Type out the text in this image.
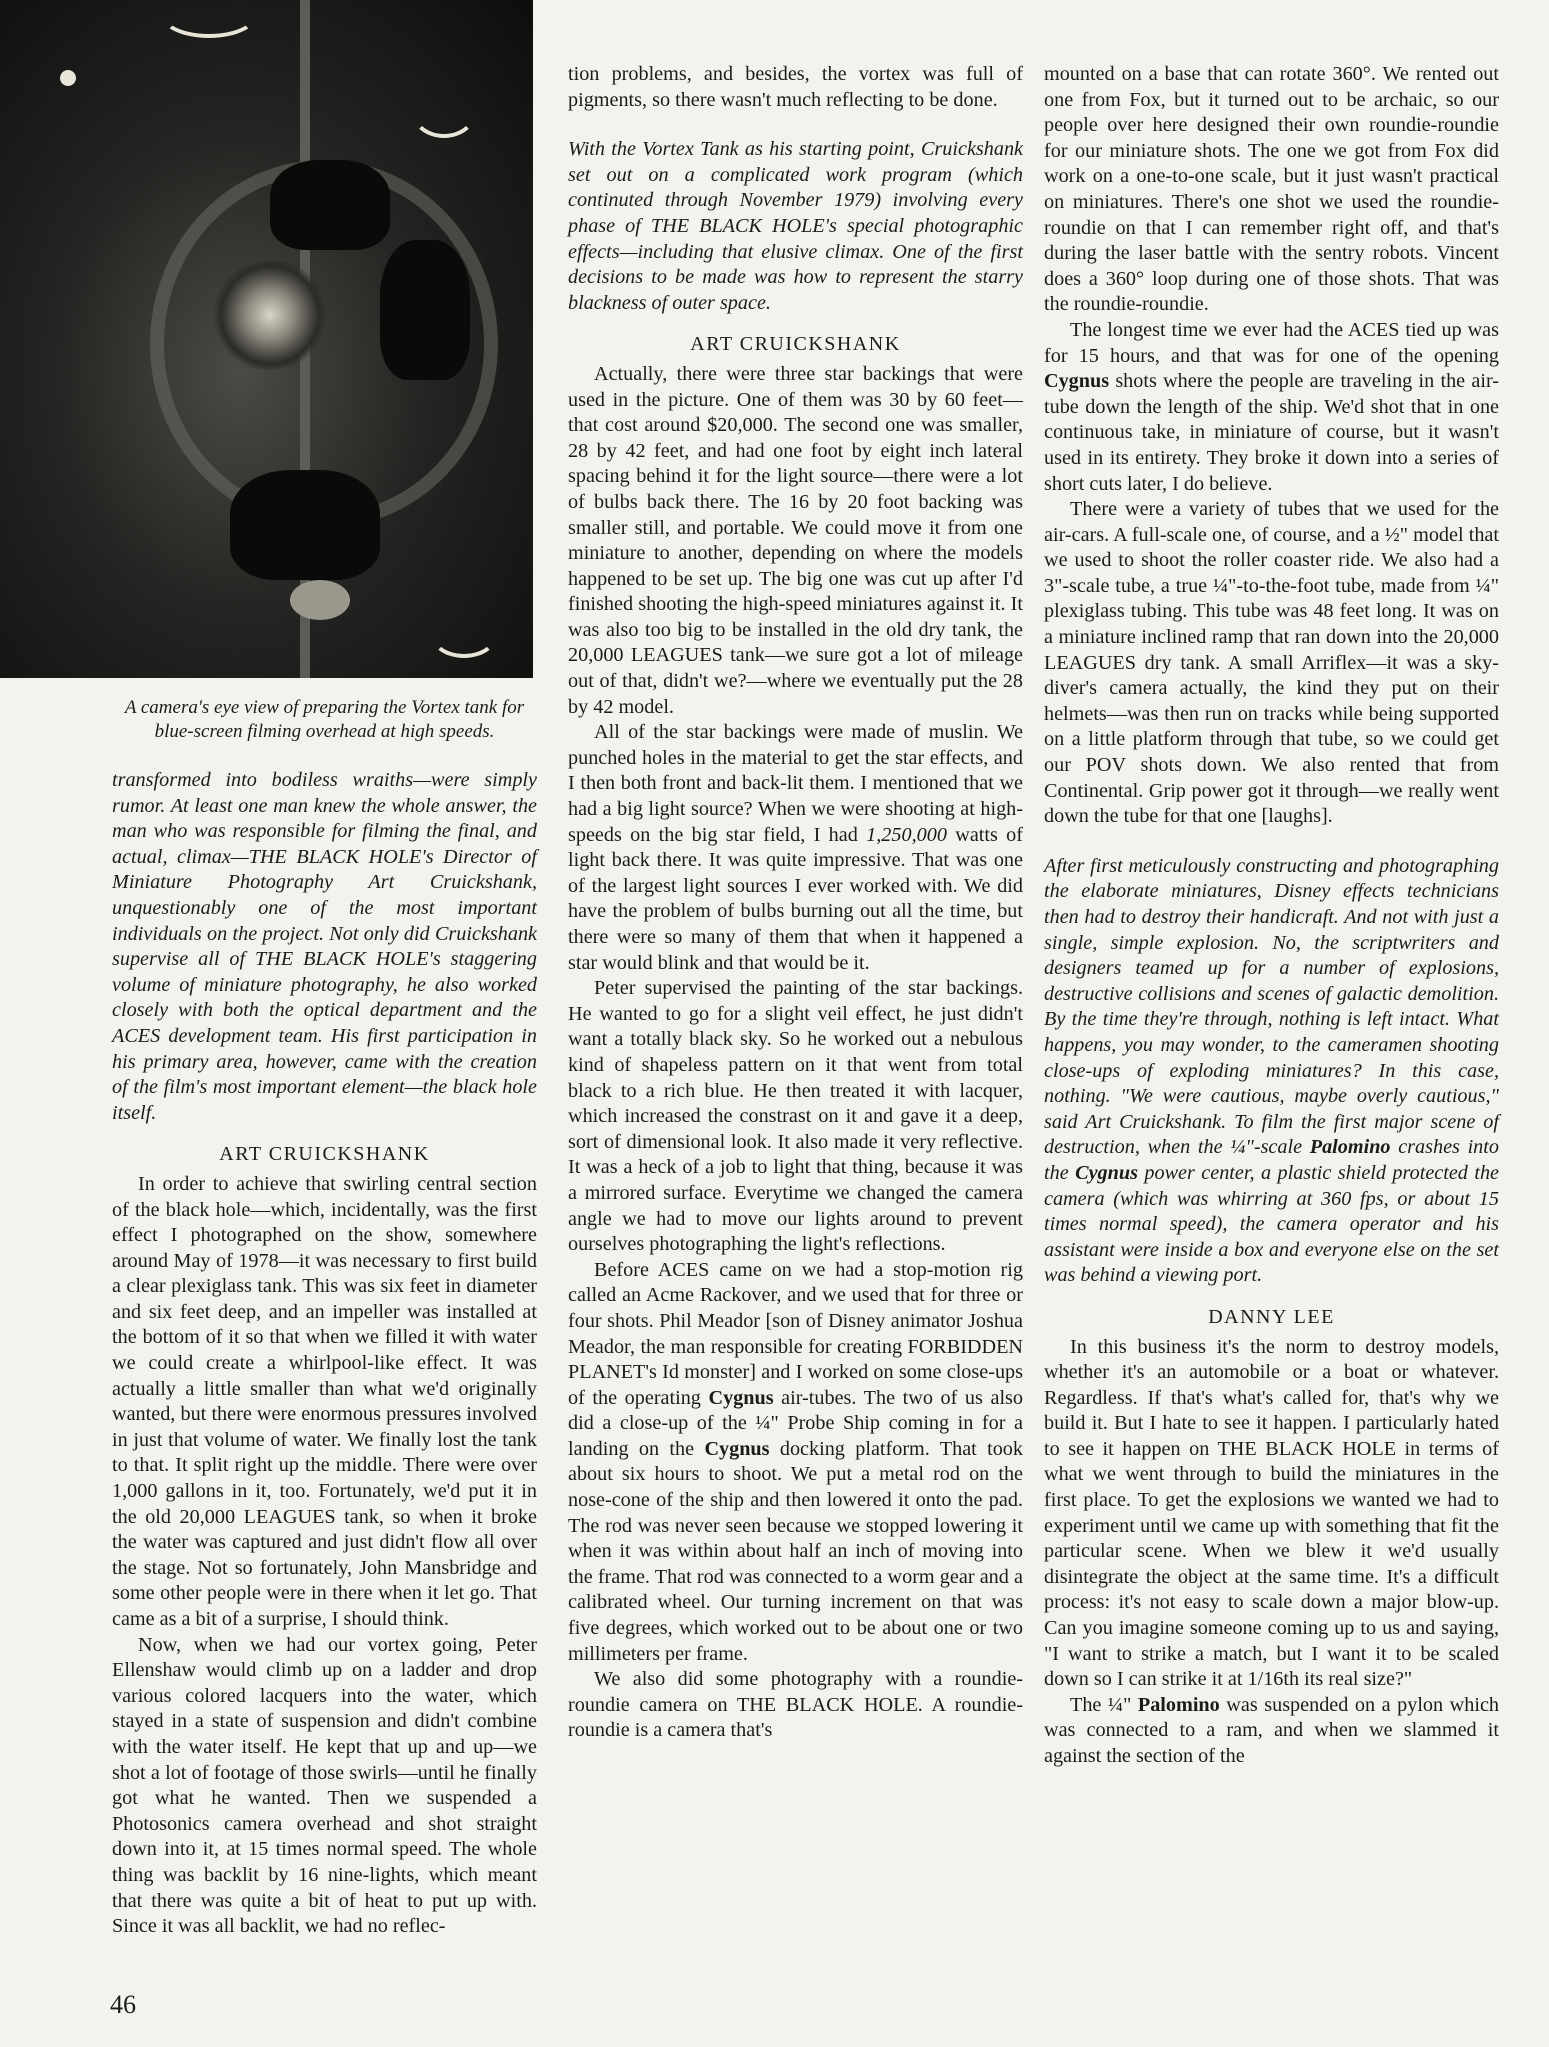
A camera's eye view of preparing the Vortex tank for blue-screen filming overhead at high speeds.

transformed into bodiless wraiths—were simply rumor. At least one man knew the whole answer, the man who was responsible for filming the final, and actual, climax—THE BLACK HOLE's Director of Miniature Photography Art Cruickshank, unquestionably one of the most important individuals on the project. Not only did Cruickshank supervise all of THE BLACK HOLE's staggering volume of miniature photography, he also worked closely with both the optical department and the ACES development team. His first participation in his primary area, however, came with the creation of the film's most important element—the black hole itself.

ART CRUICKSHANK

In order to achieve that swirling central section of the black hole—which, incidentally, was the first effect I photographed on the show, somewhere around May of 1978—it was necessary to first build a clear plexiglass tank. This was six feet in diameter and six feet deep, and an impeller was installed at the bottom of it so that when we filled it with water we could create a whirlpool-like effect. It was actually a little smaller than what we'd originally wanted, but there were enormous pressures involved in just that volume of water. We finally lost the tank to that. It split right up the middle. There were over 1,000 gallons in it, too. Fortunately, we'd put it in the old 20,000 LEAGUES tank, so when it broke the water was captured and just didn't flow all over the stage. Not so fortunately, John Mansbridge and some other people were in there when it let go. That came as a bit of a surprise, I should think.

Now, when we had our vortex going, Peter Ellenshaw would climb up on a ladder and drop various colored lacquers into the water, which stayed in a state of suspension and didn't combine with the water itself. He kept that up and up—we shot a lot of footage of those swirls—until he finally got what he wanted. Then we suspended a Photosonics camera overhead and shot straight down into it, at 15 times normal speed. The whole thing was backlit by 16 nine-lights, which meant that there was quite a bit of heat to put up with. Since it was all backlit, we had no reflec-

tion problems, and besides, the vortex was full of pigments, so there wasn't much reflecting to be done.

With the Vortex Tank as his starting point, Cruickshank set out on a complicated work program (which continuted through November 1979) involving every phase of THE BLACK HOLE's special photographic effects—including that elusive climax. One of the first decisions to be made was how to represent the starry blackness of outer space.

ART CRUICKSHANK

Actually, there were three star backings that were used in the picture. One of them was 30 by 60 feet—that cost around $20,000. The second one was smaller, 28 by 42 feet, and had one foot by eight inch lateral spacing behind it for the light source—there were a lot of bulbs back there. The 16 by 20 foot backing was smaller still, and portable. We could move it from one miniature to another, depending on where the models happened to be set up. The big one was cut up after I'd finished shooting the high-speed miniatures against it. It was also too big to be installed in the old dry tank, the 20,000 LEAGUES tank—we sure got a lot of mileage out of that, didn't we?—where we eventually put the 28 by 42 model.

All of the star backings were made of muslin. We punched holes in the material to get the star effects, and I then both front and back-lit them. I mentioned that we had a big light source? When we were shooting at high-speeds on the big star field, I had 1,250,000 watts of light back there. It was quite impressive. That was one of the largest light sources I ever worked with. We did have the problem of bulbs burning out all the time, but there were so many of them that when it happened a star would blink and that would be it.

Peter supervised the painting of the star backings. He wanted to go for a slight veil effect, he just didn't want a totally black sky. So he worked out a nebulous kind of shapeless pattern on it that went from total black to a rich blue. He then treated it with lacquer, which increased the constrast on it and gave it a deep, sort of dimensional look. It also made it very reflective. It was a heck of a job to light that thing, because it was a mirrored surface. Everytime we changed the camera angle we had to move our lights around to prevent ourselves photographing the light's reflections.

Before ACES came on we had a stop-motion rig called an Acme Rackover, and we used that for three or four shots. Phil Meador [son of Disney animator Joshua Meador, the man responsible for creating FORBIDDEN PLANET's Id monster] and I worked on some close-ups of the operating Cygnus air-tubes. The two of us also did a close-up of the ¼" Probe Ship coming in for a landing on the Cygnus docking platform. That took about six hours to shoot. We put a metal rod on the nose-cone of the ship and then lowered it onto the pad. The rod was never seen because we stopped lowering it when it was within about half an inch of moving into the frame. That rod was connected to a worm gear and a calibrated wheel. Our turning increment on that was five degrees, which worked out to be about one or two millimeters per frame.

We also did some photography with a roundie-roundie camera on THE BLACK HOLE. A roundie-roundie is a camera that's

mounted on a base that can rotate 360°. We rented out one from Fox, but it turned out to be archaic, so our people over here designed their own roundie-roundie for our miniature shots. The one we got from Fox did work on a one-to-one scale, but it just wasn't practical on miniatures. There's one shot we used the roundie-roundie on that I can remember right off, and that's during the laser battle with the sentry robots. Vincent does a 360° loop during one of those shots. That was the roundie-roundie.

The longest time we ever had the ACES tied up was for 15 hours, and that was for one of the opening Cygnus shots where the people are traveling in the air-tube down the length of the ship. We'd shot that in one continuous take, in miniature of course, but it wasn't used in its entirety. They broke it down into a series of short cuts later, I do believe.

There were a variety of tubes that we used for the air-cars. A full-scale one, of course, and a ½" model that we used to shoot the roller coaster ride. We also had a 3"-scale tube, a true ¼"-to-the-foot tube, made from ¼" plexiglass tubing. This tube was 48 feet long. It was on a miniature inclined ramp that ran down into the 20,000 LEAGUES dry tank. A small Arriflex—it was a sky-diver's camera actually, the kind they put on their helmets—was then run on tracks while being supported on a little platform through that tube, so we could get our POV shots down. We also rented that from Continental. Grip power got it through—we really went down the tube for that one [laughs].

After first meticulously constructing and photographing the elaborate miniatures, Disney effects technicians then had to destroy their handicraft. And not with just a single, simple explosion. No, the scriptwriters and designers teamed up for a number of explosions, destructive collisions and scenes of galactic demolition. By the time they're through, nothing is left intact. What happens, you may wonder, to the cameramen shooting close-ups of exploding miniatures? In this case, nothing. "We were cautious, maybe overly cautious," said Art Cruickshank. To film the first major scene of destruction, when the ¼"-scale Palomino crashes into the Cygnus power center, a plastic shield protected the camera (which was whirring at 360 fps, or about 15 times normal speed), the camera operator and his assistant were inside a box and everyone else on the set was behind a viewing port.

DANNY LEE

In this business it's the norm to destroy models, whether it's an automobile or a boat or whatever. Regardless. If that's what's called for, that's why we build it. But I hate to see it happen. I particularly hated to see it happen on THE BLACK HOLE in terms of what we went through to build the miniatures in the first place. To get the explosions we wanted we had to experiment until we came up with something that fit the particular scene. When we blew it we'd usually disintegrate the object at the same time. It's a difficult process: it's not easy to scale down a major blow-up. Can you imagine someone coming up to us and saying, "I want to strike a match, but I want it to be scaled down so I can strike it at 1/16th its real size?"

The ¼" Palomino was suspended on a pylon which was connected to a ram, and when we slammed it against the section of the

46
